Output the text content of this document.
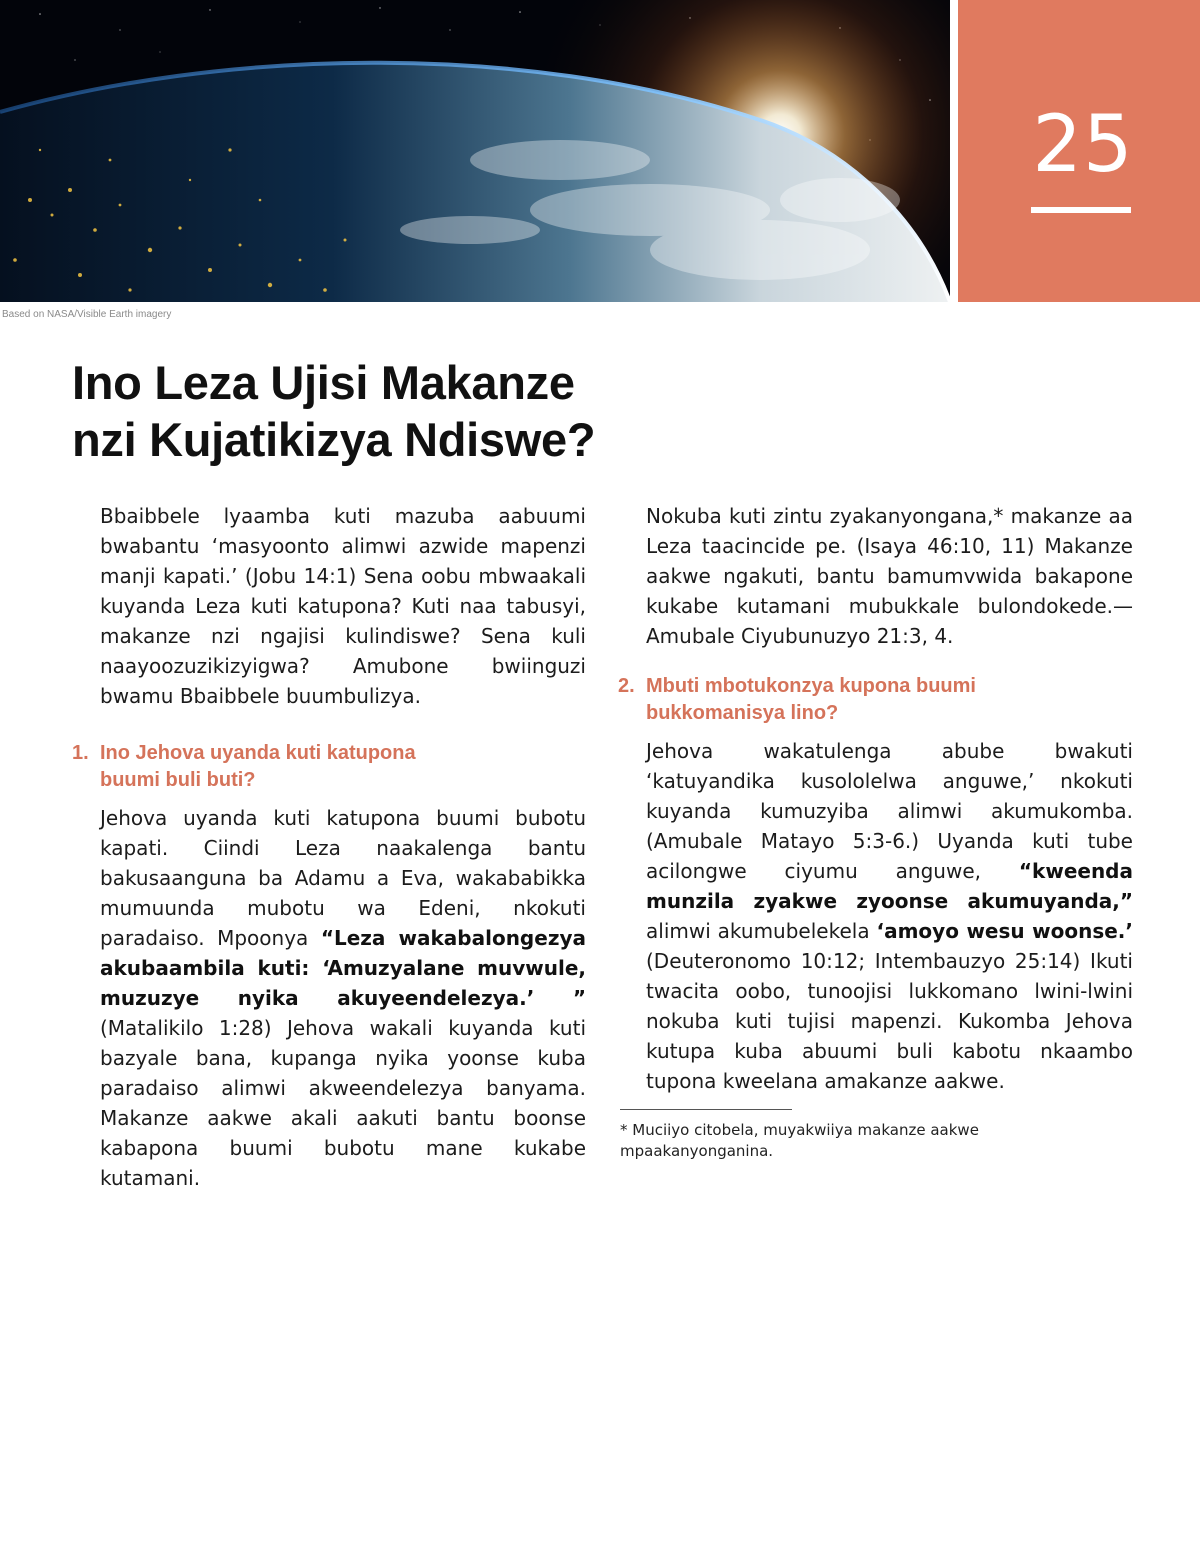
25
Based on NASA/Visible Earth imagery
Ino Leza Ujisi Makanze
nzi Kujatikizya Ndiswe?

Bbaibbele lyaamba kuti mazuba aabuumi bwabantu ‘masyoonto alimwi azwide mapenzi manji kapati.’ (Jobu 14:1) Sena oobu mbwaakali kuyanda Leza kuti katupona? Kuti naa tabusyi, makanze nzi ngajisi kulindiswe? Sena kuli naayoozuzikizyigwa? Amubone bwiinguzi bwamu Bbaibbele buumbulizya.

1. Ino Jehova uyanda kuti katupona
buumi buli buti?

Jehova uyanda kuti katupona buumi bubotu kapati. Ciindi Leza naakalenga bantu bakusaanguna ba Adamu a Eva, wakababikka mumuunda mubotu wa Edeni, nkokuti paradaiso. Mpoonya “Leza wakabalongezya akubaambila kuti: ‘Amuzyalane muvwule, muzuzye nyika akuyeendelezya.’ ” (Matalikilo 1:28) Jehova wakali kuyanda kuti bazyale bana, kupanga nyika yoonse kuba paradaiso alimwi akweendelezya banyama. Makanze aakwe akali aakuti bantu boonse kabapona buumi bubotu mane kukabe kutamani.

Nokuba kuti zintu zyakanyongana,* makanze aa Leza taacincide pe. (Isaya 46:10, 11) Makanze aakwe ngakuti, bantu bamumvwida bakapone kukabe kutamani mubukkale bulondokede.—Amubale Ciyubunuzyo 21:3, 4.

2. Mbuti mbotukonzya kupona buumi
bukkomanisya lino?

Jehova wakatulenga abube bwakuti ‘katuyandika kusololelwa anguwe,’ nkokuti kuyanda kumuzyiba alimwi akumukomba. (Amubale Matayo 5:3-6.) Uyanda kuti tube acilongwe ciyumu anguwe, “kweenda munzila zyakwe zyoonse akumuyanda,” alimwi akumubelekela ‘amoyo wesu woonse.’ (Deuteronomo 10:12; Intembauzyo 25:14) Ikuti twacita oobo, tunoojisi lukkomano lwini-lwini nokuba kuti tujisi mapenzi. Kukomba Jehova kutupa kuba abuumi buli kabotu nkaambo tupona kweelana amakanze aakwe.

* Muciiyo citobela, muyakwiiya makanze aakwe mpaakanyonganina.
